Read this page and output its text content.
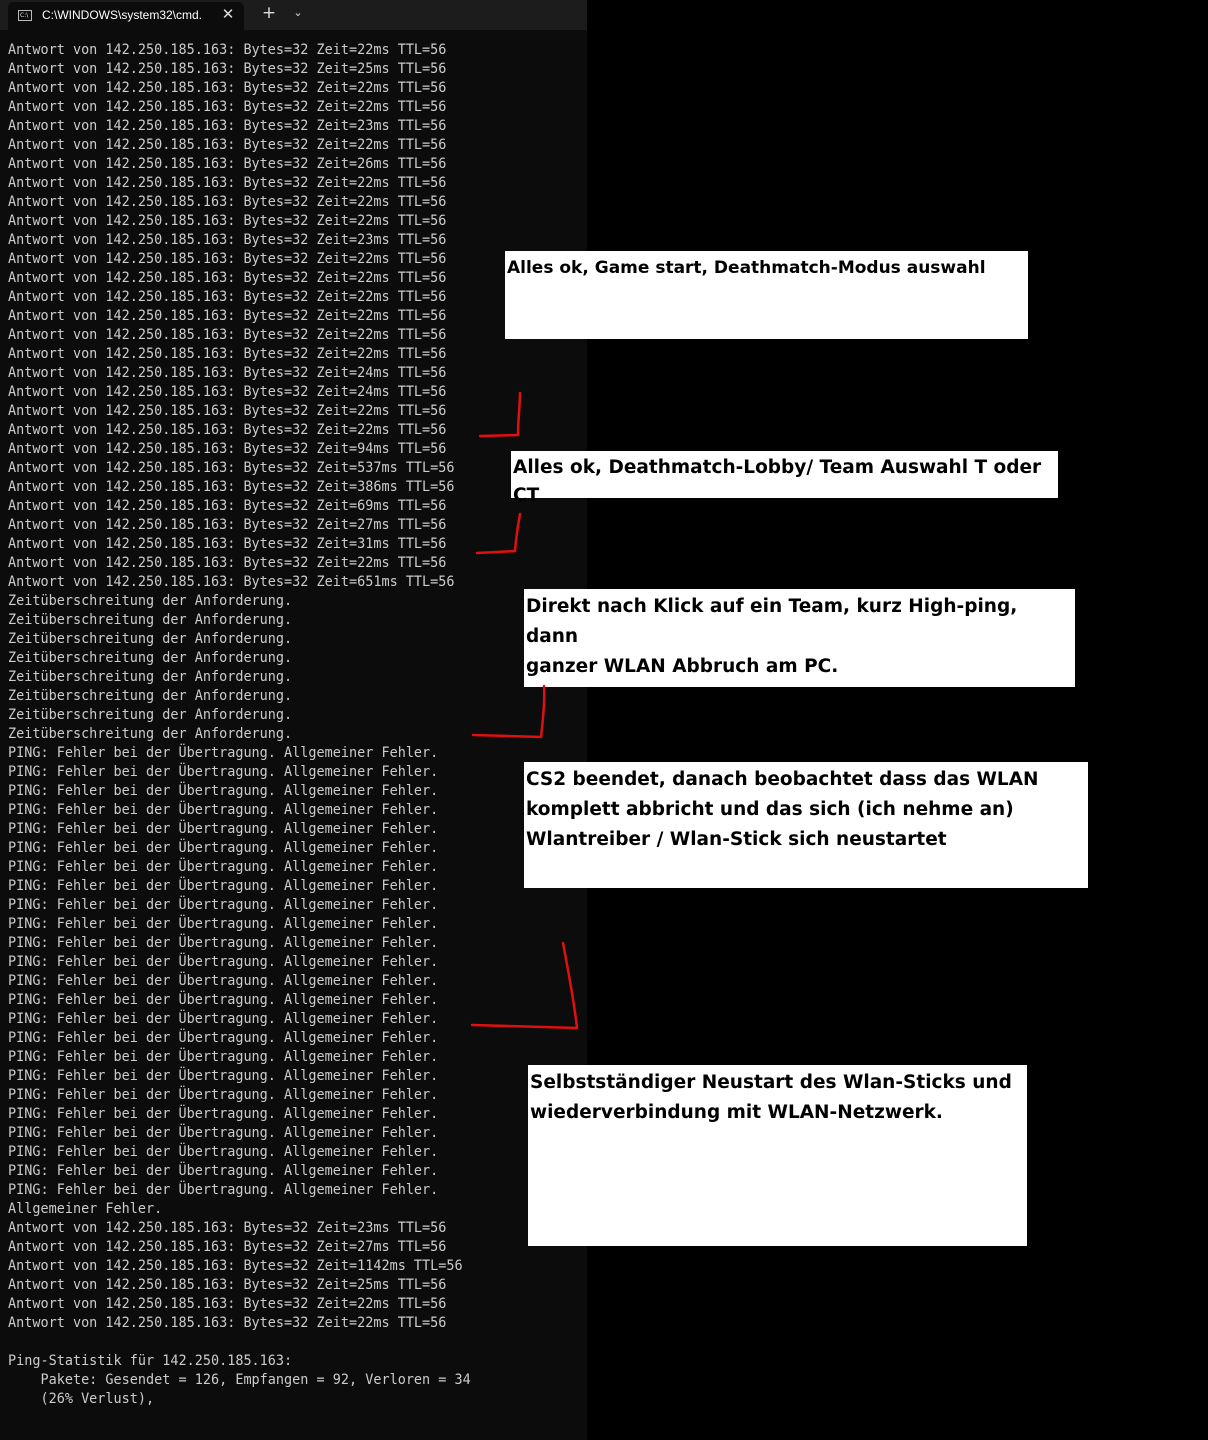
C:\	C:\WINDOWS\system32\cmd.	✕ +	⌄
Antwort von 142.250.185.163: Bytes=32 Zeit=22ms TTL=56
Antwort von 142.250.185.163: Bytes=32 Zeit=25ms TTL=56
Antwort von 142.250.185.163: Bytes=32 Zeit=22ms TTL=56
Antwort von 142.250.185.163: Bytes=32 Zeit=22ms TTL=56
Antwort von 142.250.185.163: Bytes=32 Zeit=23ms TTL=56
Antwort von 142.250.185.163: Bytes=32 Zeit=22ms TTL=56
Antwort von 142.250.185.163: Bytes=32 Zeit=26ms TTL=56
Antwort von 142.250.185.163: Bytes=32 Zeit=22ms TTL=56
Antwort von 142.250.185.163: Bytes=32 Zeit=22ms TTL=56
Antwort von 142.250.185.163: Bytes=32 Zeit=22ms TTL=56
Antwort von 142.250.185.163: Bytes=32 Zeit=23ms TTL=56
Antwort von 142.250.185.163: Bytes=32 Zeit=22ms TTL=56
Antwort von 142.250.185.163: Bytes=32 Zeit=22ms TTL=56
Antwort von 142.250.185.163: Bytes=32 Zeit=22ms TTL=56
Antwort von 142.250.185.163: Bytes=32 Zeit=22ms TTL=56
Antwort von 142.250.185.163: Bytes=32 Zeit=22ms TTL=56
Antwort von 142.250.185.163: Bytes=32 Zeit=22ms TTL=56
Antwort von 142.250.185.163: Bytes=32 Zeit=24ms TTL=56
Antwort von 142.250.185.163: Bytes=32 Zeit=24ms TTL=56
Antwort von 142.250.185.163: Bytes=32 Zeit=22ms TTL=56
Antwort von 142.250.185.163: Bytes=32 Zeit=22ms TTL=56
Antwort von 142.250.185.163: Bytes=32 Zeit=94ms TTL=56
Antwort von 142.250.185.163: Bytes=32 Zeit=537ms TTL=56
Antwort von 142.250.185.163: Bytes=32 Zeit=386ms TTL=56
Antwort von 142.250.185.163: Bytes=32 Zeit=69ms TTL=56
Antwort von 142.250.185.163: Bytes=32 Zeit=27ms TTL=56
Antwort von 142.250.185.163: Bytes=32 Zeit=31ms TTL=56
Antwort von 142.250.185.163: Bytes=32 Zeit=22ms TTL=56
Antwort von 142.250.185.163: Bytes=32 Zeit=651ms TTL=56
Zeitüberschreitung der Anforderung.
Zeitüberschreitung der Anforderung.
Zeitüberschreitung der Anforderung.
Zeitüberschreitung der Anforderung.
Zeitüberschreitung der Anforderung.
Zeitüberschreitung der Anforderung.
Zeitüberschreitung der Anforderung.
Zeitüberschreitung der Anforderung.
PING: Fehler bei der Übertragung. Allgemeiner Fehler.
PING: Fehler bei der Übertragung. Allgemeiner Fehler.
PING: Fehler bei der Übertragung. Allgemeiner Fehler.
PING: Fehler bei der Übertragung. Allgemeiner Fehler.
PING: Fehler bei der Übertragung. Allgemeiner Fehler.
PING: Fehler bei der Übertragung. Allgemeiner Fehler.
PING: Fehler bei der Übertragung. Allgemeiner Fehler.
PING: Fehler bei der Übertragung. Allgemeiner Fehler.
PING: Fehler bei der Übertragung. Allgemeiner Fehler.
PING: Fehler bei der Übertragung. Allgemeiner Fehler.
PING: Fehler bei der Übertragung. Allgemeiner Fehler.
PING: Fehler bei der Übertragung. Allgemeiner Fehler.
PING: Fehler bei der Übertragung. Allgemeiner Fehler.
PING: Fehler bei der Übertragung. Allgemeiner Fehler.
PING: Fehler bei der Übertragung. Allgemeiner Fehler.
PING: Fehler bei der Übertragung. Allgemeiner Fehler.
PING: Fehler bei der Übertragung. Allgemeiner Fehler.
PING: Fehler bei der Übertragung. Allgemeiner Fehler.
PING: Fehler bei der Übertragung. Allgemeiner Fehler.
PING: Fehler bei der Übertragung. Allgemeiner Fehler.
PING: Fehler bei der Übertragung. Allgemeiner Fehler.
PING: Fehler bei der Übertragung. Allgemeiner Fehler.
PING: Fehler bei der Übertragung. Allgemeiner Fehler.
PING: Fehler bei der Übertragung. Allgemeiner Fehler.
Allgemeiner Fehler.
Antwort von 142.250.185.163: Bytes=32 Zeit=23ms TTL=56
Antwort von 142.250.185.163: Bytes=32 Zeit=27ms TTL=56
Antwort von 142.250.185.163: Bytes=32 Zeit=1142ms TTL=56
Antwort von 142.250.185.163: Bytes=32 Zeit=25ms TTL=56
Antwort von 142.250.185.163: Bytes=32 Zeit=22ms TTL=56
Antwort von 142.250.185.163: Bytes=32 Zeit=22ms TTL=56
Ping-Statistik für 142.250.185.163:
Pakete: Gesendet = 126, Empfangen = 92, Verloren = 34
(26% Verlust),
Alles ok, Game start, Deathmatch-Modus auswahl
Alles ok, Deathmatch-Lobby/ Team Auswahl T oder CT
Direkt nach Klick auf ein Team, kurz High-ping, dann
ganzer WLAN Abbruch am PC.
CS2 beendet, danach beobachtet dass das WLAN
komplett abbricht und das sich (ich nehme an)
Wlantreiber / Wlan-Stick sich neustartet
Selbstständiger Neustart des Wlan-Sticks und
wiederverbindung mit WLAN-Netzwerk.
